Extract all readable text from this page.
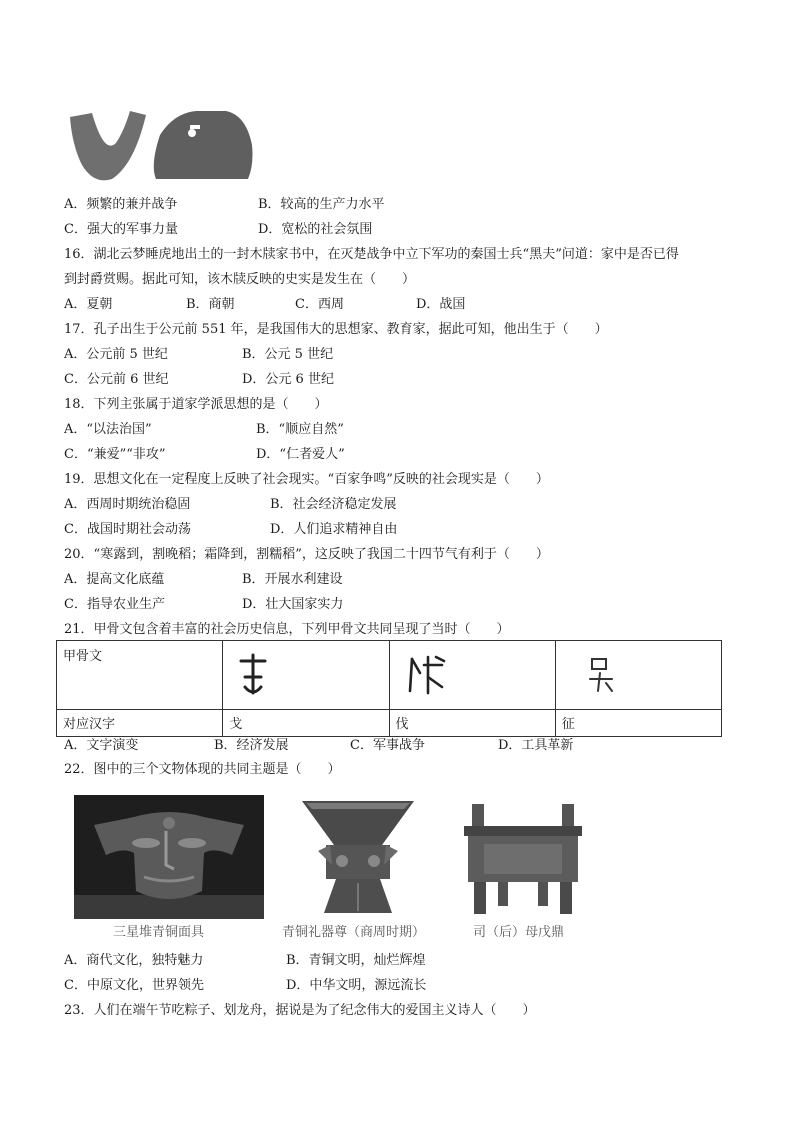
A．频繁的兼并战争	B．较高的生产力水平
C．强大的军事力量	D．宽松的社会氛围
16．湖北云梦睡虎地出土的一封木牍家书中，在灭楚战争中立下军功的秦国士兵“黑夫”问道：家中是否已得
到封爵赏赐。据此可知，该木牍反映的史实是发生在（　　）
A．夏朝	B．商朝	C．西周	D．战国
17．孔子出生于公元前 551 年，是我国伟大的思想家、教育家，据此可知，他出生于（　　）
A．公元前 5 世纪	B．公元 5 世纪
C．公元前 6 世纪	D．公元 6 世纪
18．下列主张属于道家学派思想的是（　　）
A．“以法治国”	B．“顺应自然”
C．“兼爱”“非攻”	D．“仁者爱人”
19．思想文化在一定程度上反映了社会现实。“百家争鸣”反映的社会现实是（　　）
A．西周时期统治稳固	B．社会经济稳定发展
C．战国时期社会动荡	D．人们追求精神自由
20．“寒露到，割晚稻；霜降到，割糯稻”，这反映了我国二十四节气有利于（　　）
A．提高文化底蕴	B．开展水利建设
C．指导农业生产	D．壮大国家实力
21．甲骨文包含着丰富的社会历史信息，下列甲骨文共同呈现了当时（　　）
甲骨文	

对应汉字	戈	伐	征
A．文字演变	B．经济发展	C．军事战争	D．工具革新
22．图中的三个文物体现的共同主题是（　　）
三星堆青铜面具	青铜礼器尊（商周时期）	司（后）母戊鼎
A．商代文化，独特魅力	B．青铜文明，灿烂辉煌
C．中原文化，世界领先	D．中华文明，源远流长
23．人们在端午节吃粽子、划龙舟，据说是为了纪念伟大的爱国主义诗人（　　）
